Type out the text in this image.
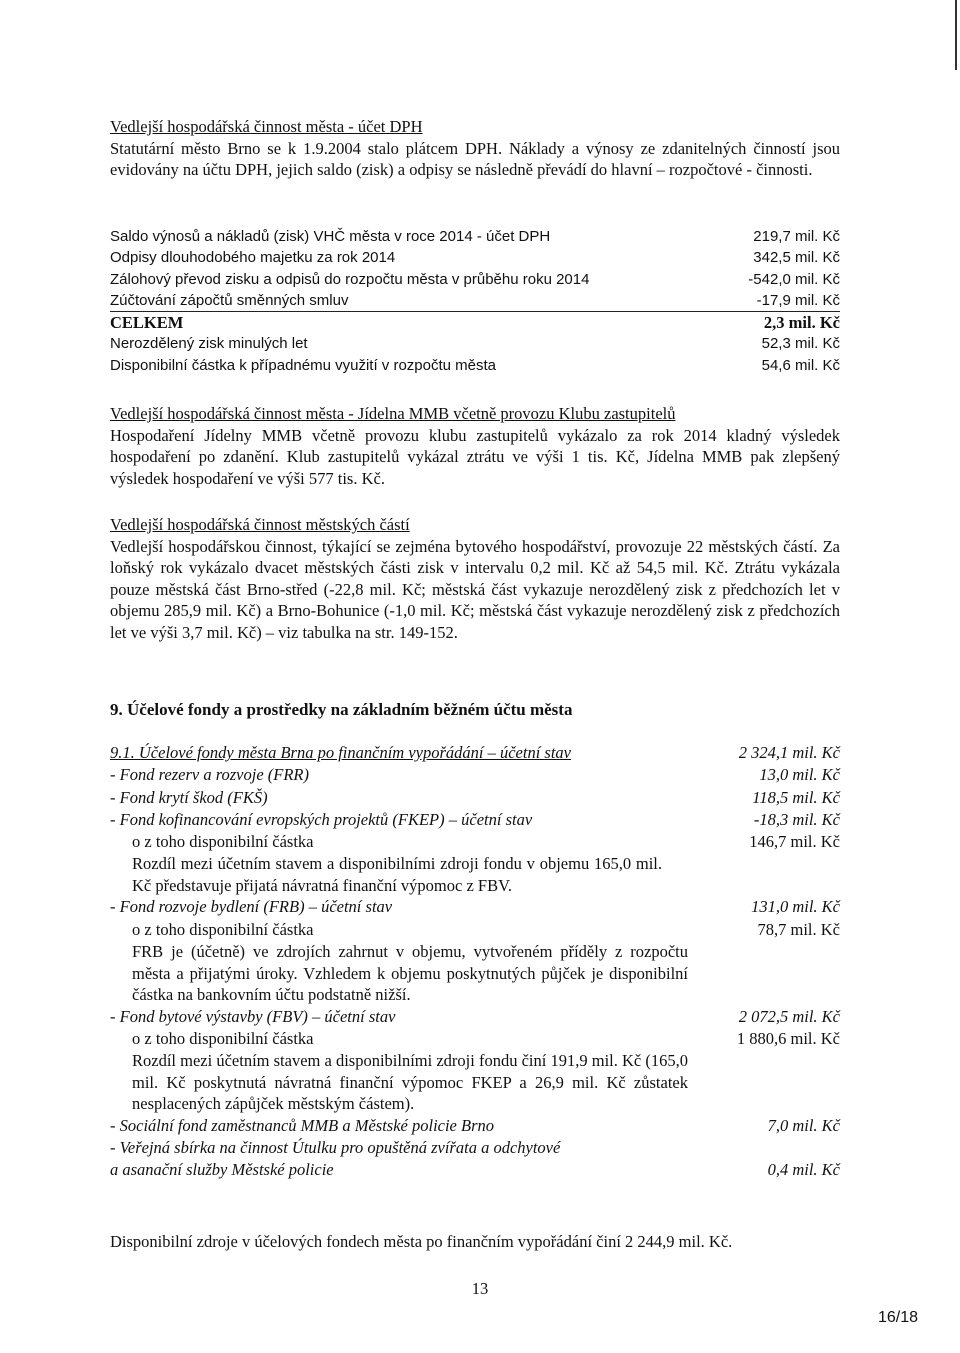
Vedlejší hospodářská činnost města - účet DPH
Statutární město Brno se k 1.9.2004 stalo plátcem DPH. Náklady a výnosy ze zdanitelných činností jsou evidovány na účtu DPH, jejich saldo (zisk) a odpisy se následně převádí do hlavní – rozpočtové - činnosti.
Saldo výnosů a nákladů (zisk) VHČ města v roce 2014 - účet DPH	219,7 mil. Kč
Odpisy dlouhodobého majetku za rok 2014	342,5 mil. Kč
Zálohový převod zisku a odpisů do rozpočtu města v průběhu roku 2014	-542,0 mil. Kč
Zúčtování zápočtů směnných smluv	-17,9 mil. Kč
CELKEM	2,3 mil. Kč
Nerozdělený zisk minulých let	52,3 mil. Kč
Disponibilní částka k případnému využití v rozpočtu města	54,6 mil. Kč
Vedlejší hospodářská činnost města - Jídelna MMB včetně provozu Klubu zastupitelů
Hospodaření Jídelny MMB včetně provozu klubu zastupitelů vykázalo za rok 2014 kladný výsledek hospodaření po zdanění. Klub zastupitelů vykázal ztrátu ve výši 1 tis. Kč, Jídelna MMB pak zlepšený výsledek hospodaření ve výši 577 tis. Kč.
Vedlejší hospodářská činnost městských částí
Vedlejší hospodářskou činnost, týkající se zejména bytového hospodářství, provozuje 22 městských částí. Za loňský rok vykázalo dvacet městských části zisk v intervalu 0,2 mil. Kč až 54,5 mil. Kč. Ztrátu vykázala pouze městská část Brno-střed (-22,8 mil. Kč; městská část vykazuje nerozdělený zisk z předchozích let v objemu 285,9 mil. Kč) a Brno-Bohunice (-1,0 mil. Kč; městská část vykazuje nerozdělený zisk z předchozích let ve výši 3,7 mil. Kč) – viz tabulka na str. 149-152.
9. Účelové fondy a prostředky na základním běžném účtu města
9.1. Účelové fondy města Brna po finančním vypořádání – účetní stav	2 324,1 mil. Kč
- Fond rezerv a rozvoje (FRR)	13,0 mil. Kč
- Fond krytí škod (FKŠ)	118,5 mil. Kč
- Fond kofinancování evropských projektů (FKEP) – účetní stav	-18,3 mil. Kč
o z toho disponibilní částka	146,7 mil. Kč
Rozdíl mezi účetním stavem a disponibilními zdroji fondu v objemu 165,0 mil. Kč představuje přijatá návratná finanční výpomoc z FBV.
- Fond rozvoje bydlení (FRB) – účetní stav	131,0 mil. Kč
o z toho disponibilní částka	78,7 mil. Kč
FRB je (účetně) ve zdrojích zahrnut v objemu, vytvořeném příděly z rozpočtu města a přijatými úroky. Vzhledem k objemu poskytnutých půjček je disponibilní částka na bankovním účtu podstatně nižší.
- Fond bytové výstavby (FBV) – účetní stav	2 072,5 mil. Kč
o z toho disponibilní částka	1 880,6 mil. Kč
Rozdíl mezi účetním stavem a disponibilními zdroji fondu činí 191,9 mil. Kč (165,0 mil. Kč poskytnutá návratná finanční výpomoc FKEP a 26,9 mil. Kč zůstatek nesplacených zápůjček městským částem).
- Sociální fond zaměstnanců MMB a Městské policie Brno	7,0 mil. Kč
- Veřejná sbírka na činnost Útulku pro opuštěná zvířata a odchytové
a asanační služby Městské policie	0,4 mil. Kč
Disponibilní zdroje v účelových fondech města po finančním vypořádání činí 2 244,9 mil. Kč.
13
16/18
